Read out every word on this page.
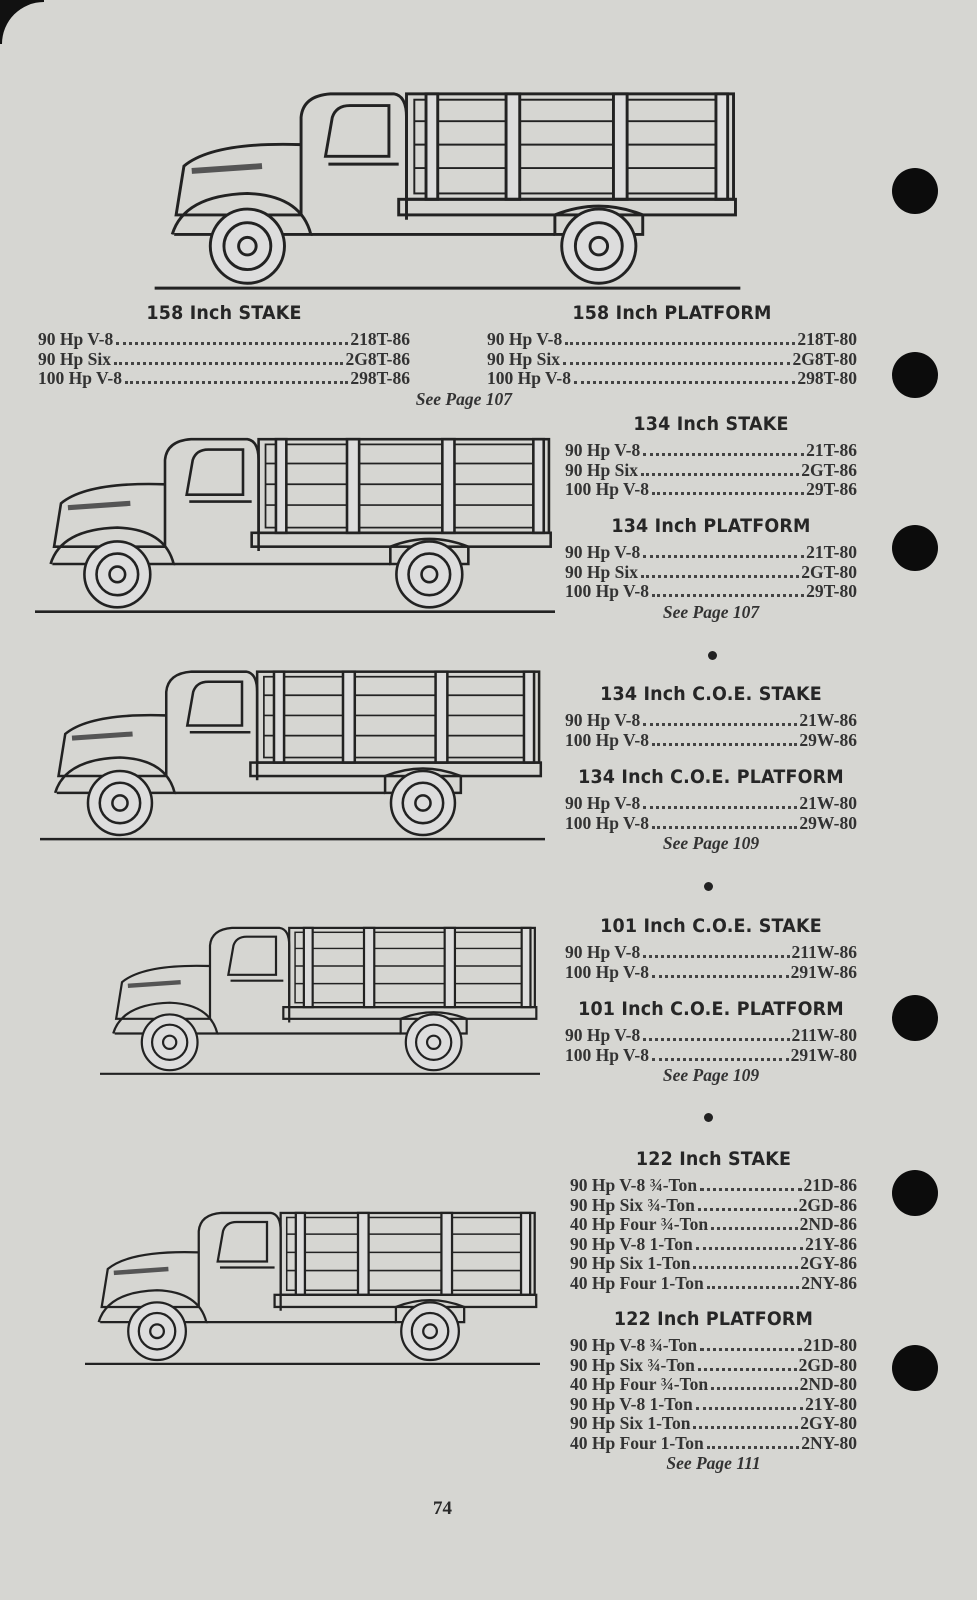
158 Inch STAKE
90 Hp V-8	218T-86
90 Hp Six	2G8T-86
100 Hp V-8	298T-86
See Page 107
158 Inch PLATFORM
90 Hp V-8	218T-80
90 Hp Six	2G8T-80
100 Hp V-8	298T-80
134 Inch STAKE
90 Hp V-8	21T-86
90 Hp Six	2GT-86
100 Hp V-8	29T-86
134 Inch PLATFORM
90 Hp V-8	21T-80
90 Hp Six	2GT-80
100 Hp V-8	29T-80
See Page 107
134 Inch C.O.E. STAKE
90 Hp V-8	21W-86
100 Hp V-8	29W-86
134 Inch C.O.E. PLATFORM
90 Hp V-8	21W-80
100 Hp V-8	29W-80
See Page 109
101 Inch C.O.E. STAKE
90 Hp V-8	211W-86
100 Hp V-8	291W-86
101 Inch C.O.E. PLATFORM
90 Hp V-8	211W-80
100 Hp V-8	291W-80
See Page 109
122 Inch STAKE
90 Hp V-8 ¾-Ton	21D-86
90 Hp Six ¾-Ton	2GD-86
40 Hp Four ¾-Ton	2ND-86
90 Hp V-8 1-Ton	21Y-86
90 Hp Six 1-Ton	2GY-86
40 Hp Four 1-Ton	2NY-86
122 Inch PLATFORM
90 Hp V-8 ¾-Ton	21D-80
90 Hp Six ¾-Ton	2GD-80
40 Hp Four ¾-Ton	2ND-80
90 Hp V-8 1-Ton	21Y-80
90 Hp Six 1-Ton	2GY-80
40 Hp Four 1-Ton	2NY-80
See Page 111
74
